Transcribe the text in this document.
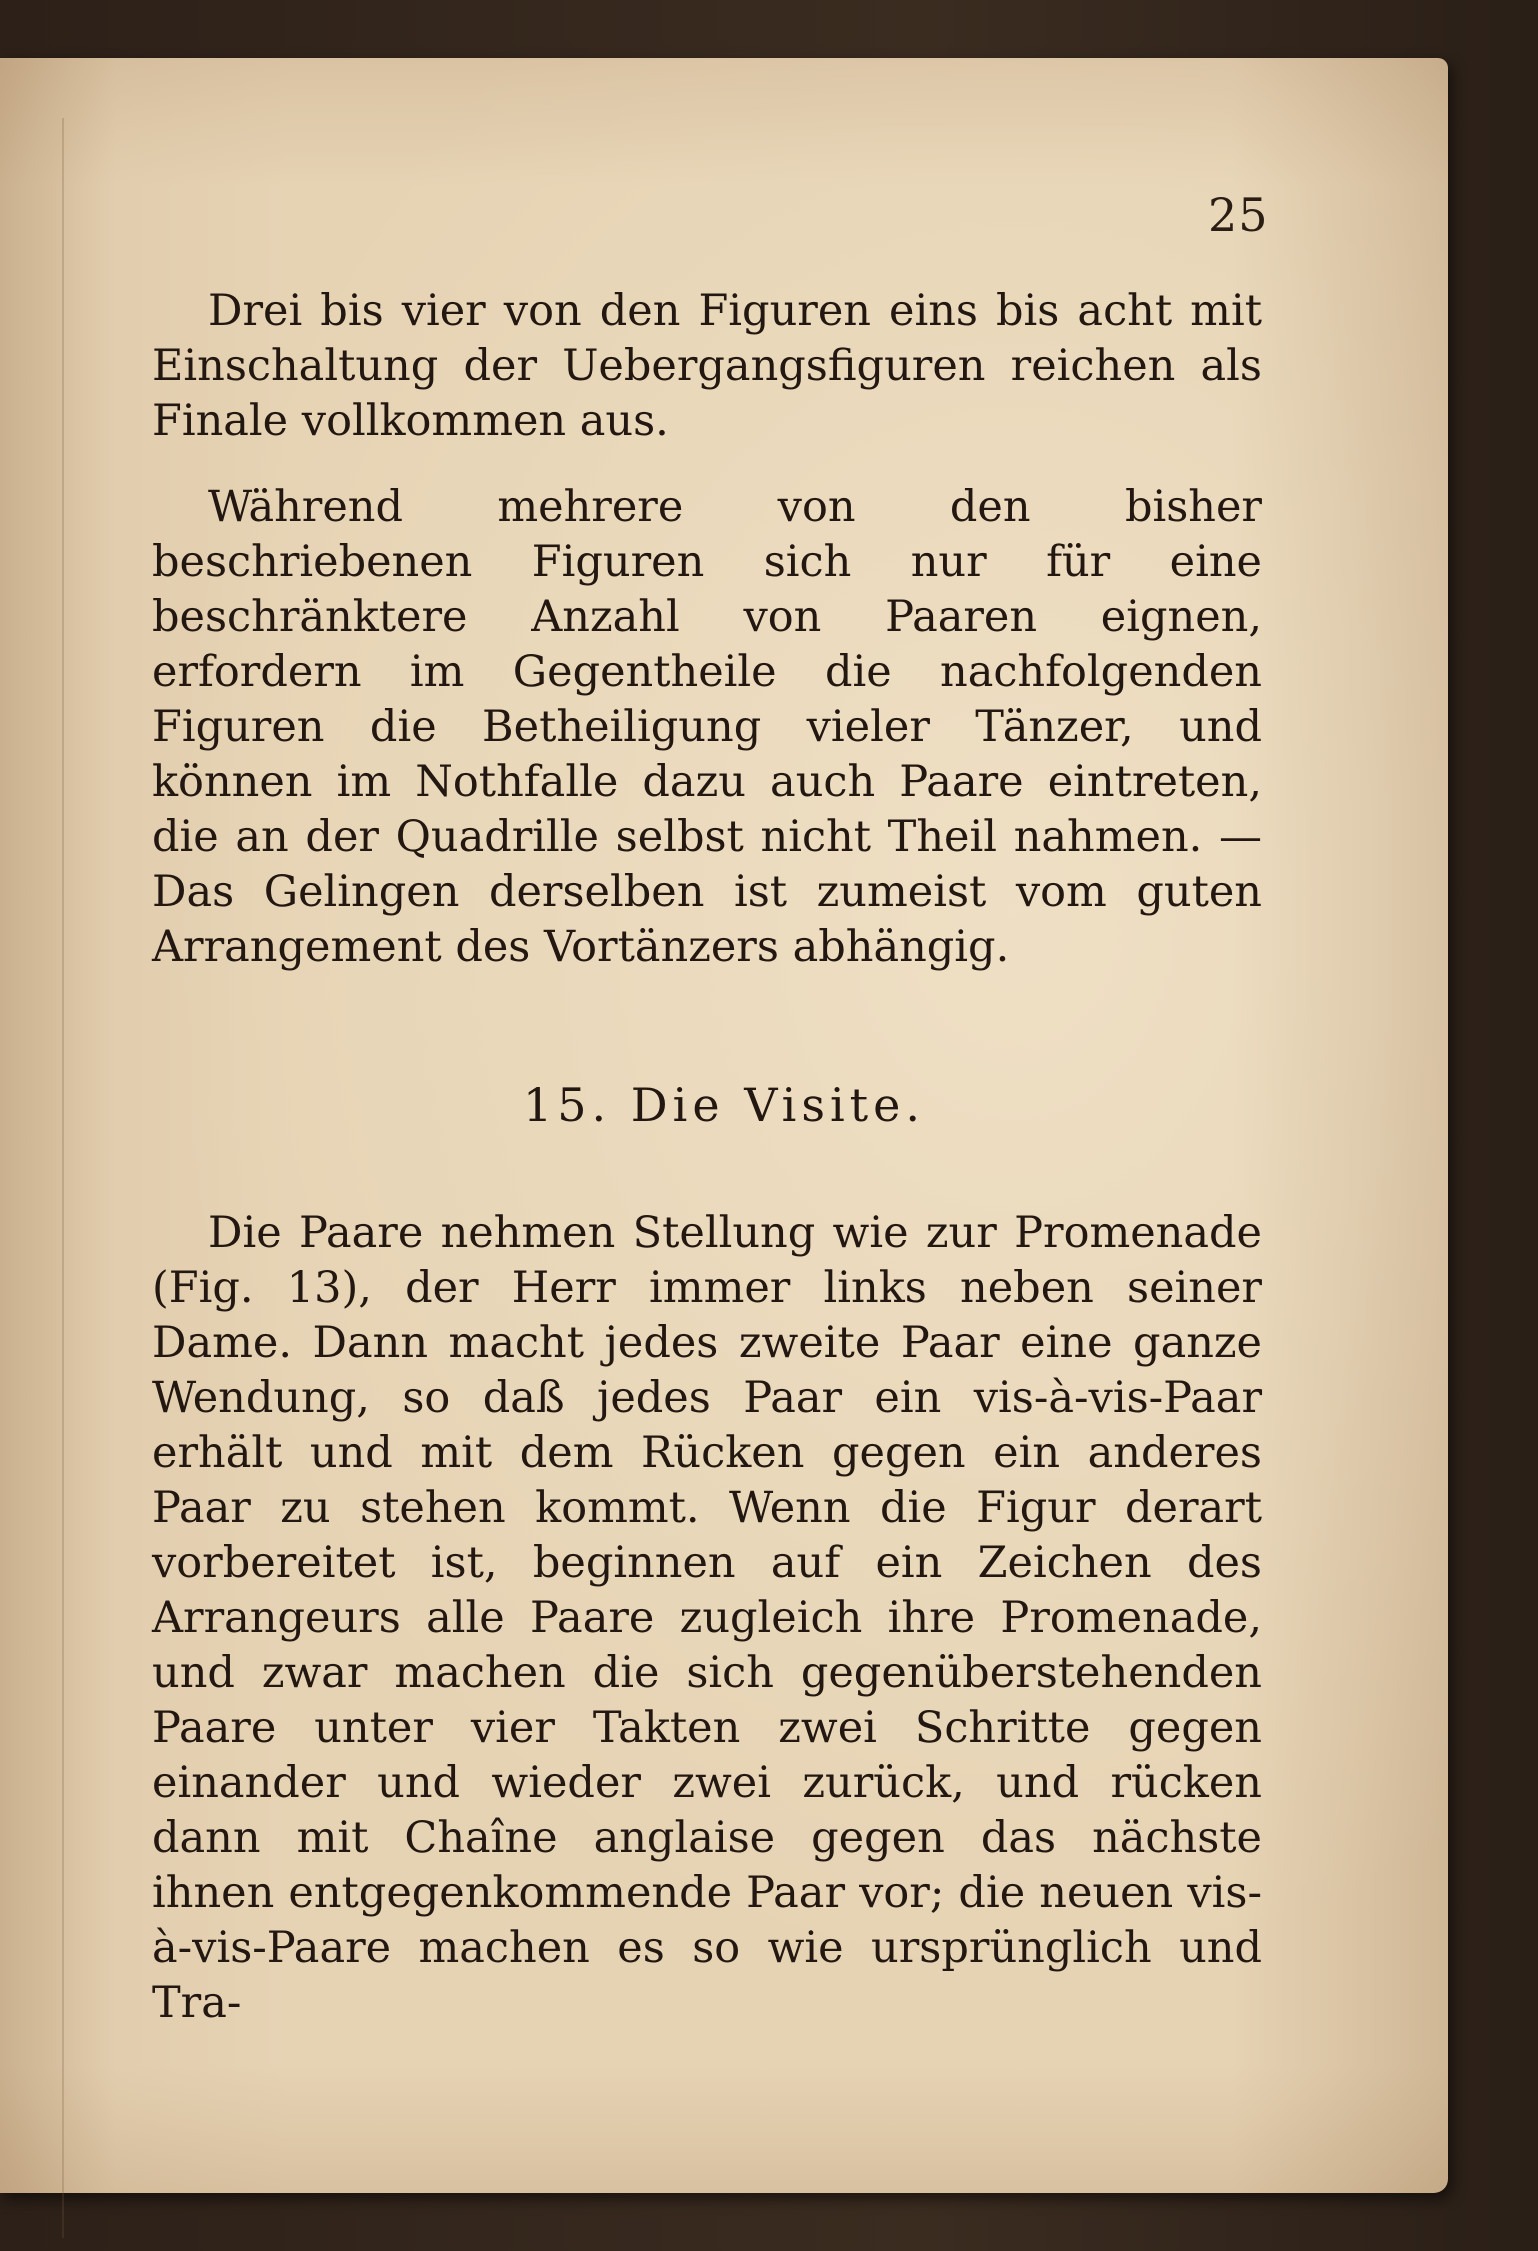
25

Drei bis vier von den Figuren eins bis acht mit Einschaltung der Uebergangsfiguren reichen als Finale vollkommen aus.

Während mehrere von den bisher beschriebenen Figuren sich nur für eine beschränktere Anzahl von Paaren eignen, erfordern im Gegentheile die nachfolgenden Figuren die Betheiligung vieler Tänzer, und können im Nothfalle dazu auch Paare eintreten, die an der Quadrille selbst nicht Theil nahmen. — Das Gelingen derselben ist zumeist vom guten Arrangement des Vortänzers abhängig.

15. Die Visite.

Die Paare nehmen Stellung wie zur Promenade (Fig. 13), der Herr immer links neben seiner Dame. Dann macht jedes zweite Paar eine ganze Wendung, so daß jedes Paar ein vis-à-vis-Paar erhält und mit dem Rücken gegen ein anderes Paar zu stehen kommt. Wenn die Figur derart vorbereitet ist, beginnen auf ein Zeichen des Arrangeurs alle Paare zugleich ihre Promenade, und zwar machen die sich gegenüberstehenden Paare unter vier Takten zwei Schritte gegen einander und wieder zwei zurück, und rücken dann mit Chaîne anglaise gegen das nächste ihnen entgegenkommende Paar vor; die neuen vis-à-vis-Paare machen es so wie ursprünglich und Tra-
